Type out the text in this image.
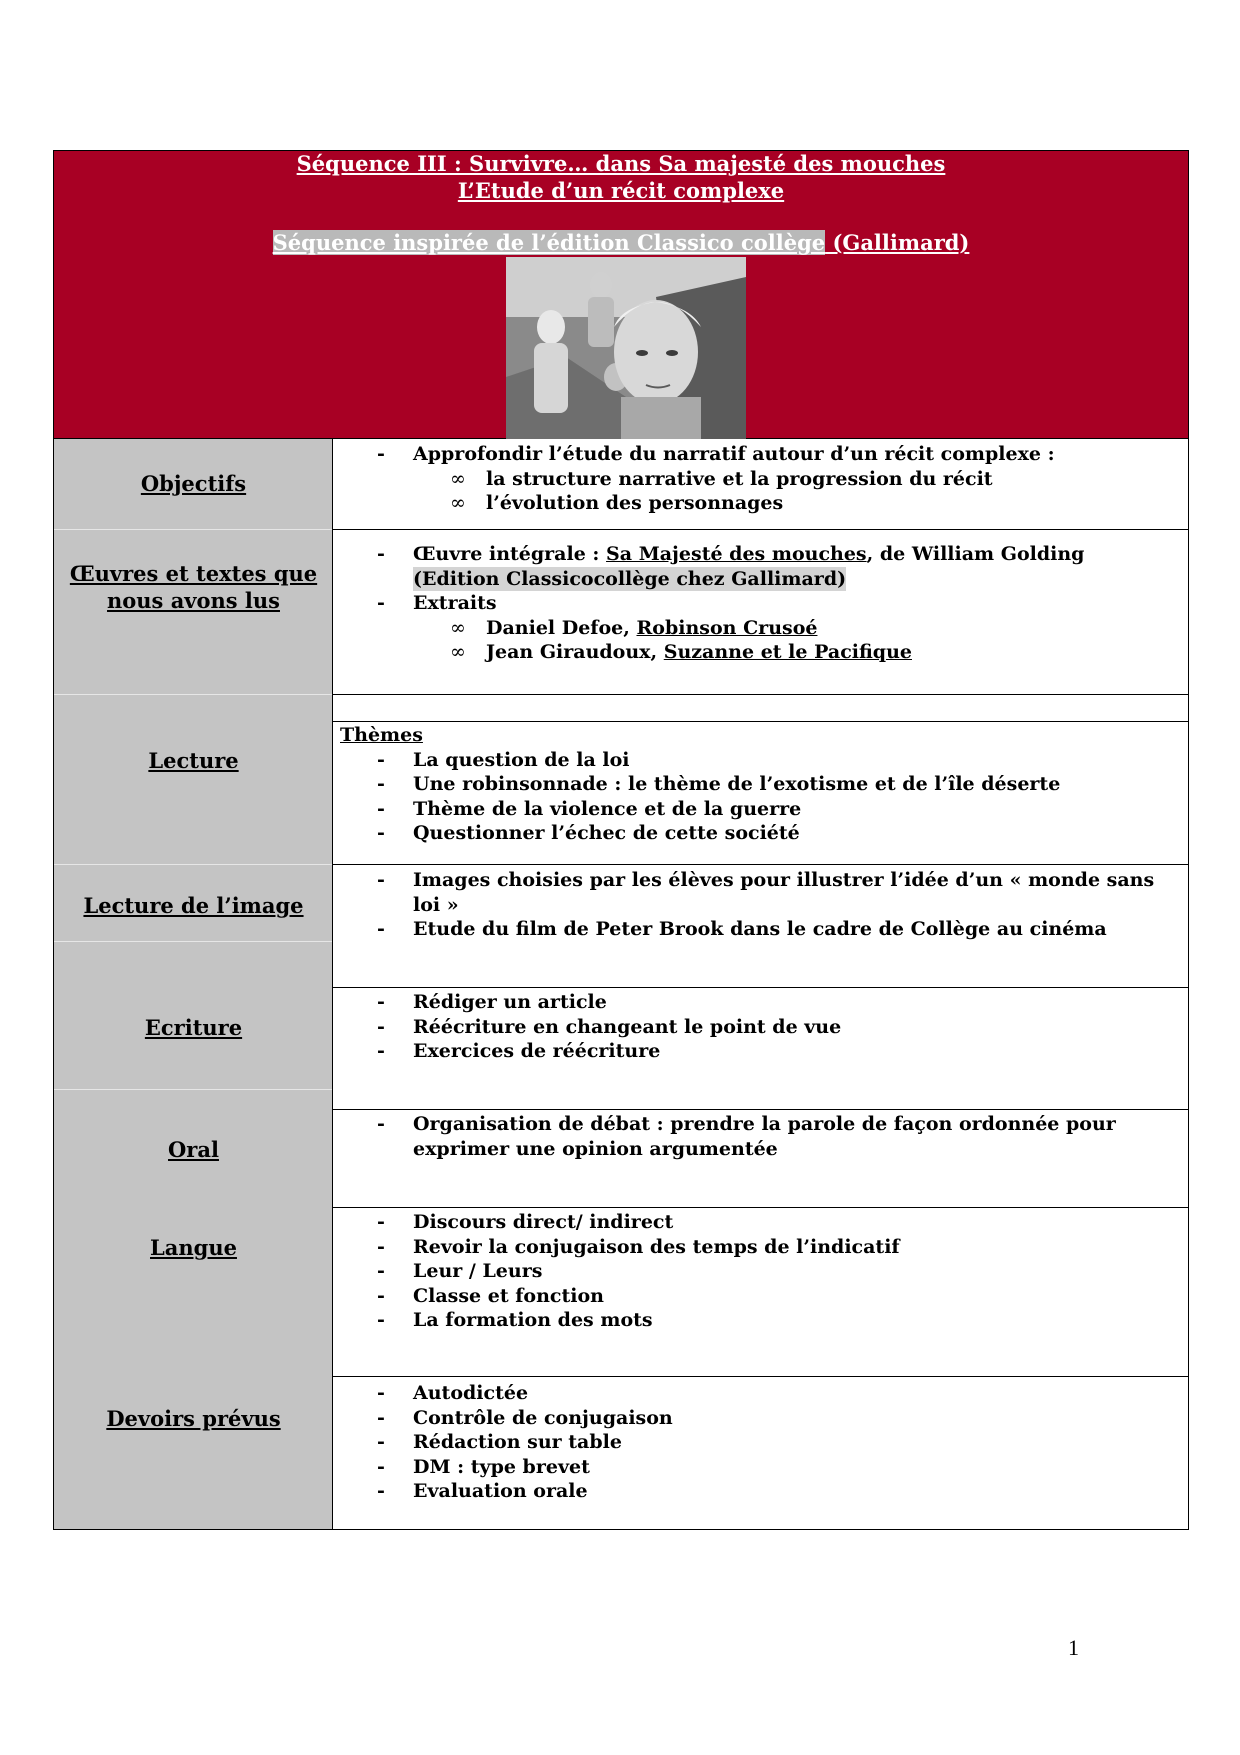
Séquence III : Survivre… dans Sa majesté des mouches
L’Etude d’un récit complexe
Séquence inspirée de l’édition Classico collège (Gallimard)
Objectifs
Œuvres et textes que
nous avons lus
Lecture
Lecture de l’image
Ecriture
Oral
Langue
Devoirs prévus
- Approfondir l’étude du narratif autour d’un récit complexe :
∞ la structure narrative et la progression du récit
∞ l’évolution des personnages
- Œuvre intégrale : Sa Majesté des mouches, de William Golding
(Edition Classicocollège chez Gallimard)
- Extraits
∞ Daniel Defoe, Robinson Crusoé
∞ Jean Giraudoux, Suzanne et le Pacifique
Thèmes
- La question de la loi
- Une robinsonnade : le thème de l’exotisme et de l’île déserte
- Thème de la violence et de la guerre
- Questionner l’échec de cette société
- Images choisies par les élèves pour illustrer l’idée d’un « monde sans
loi »
- Etude du film de Peter Brook dans le cadre de Collège au cinéma
- Rédiger un article
- Réécriture en changeant le point de vue
- Exercices de réécriture
- Organisation de débat : prendre la parole de façon ordonnée pour
exprimer une opinion argumentée
- Discours direct/ indirect
- Revoir la conjugaison des temps de l’indicatif
- Leur / Leurs
- Classe et fonction
- La formation des mots
- Autodictée
- Contrôle de conjugaison
- Rédaction sur table
- DM : type brevet
- Evaluation orale
1
